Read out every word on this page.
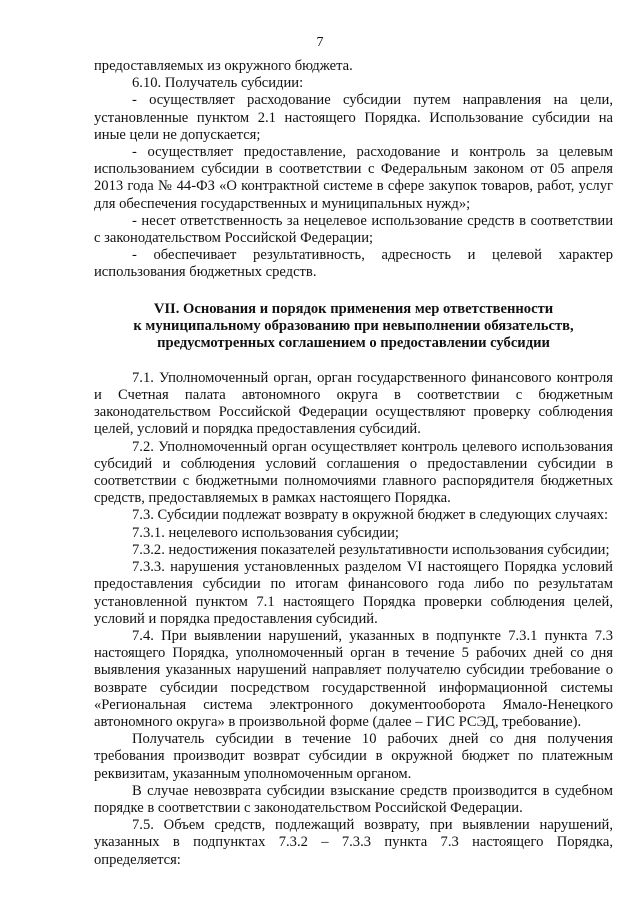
7

предоставляемых из окружного бюджета.

6.10. Получатель субсидии:

- осуществляет расходование субсидии путем направления на цели, установленные пунктом 2.1 настоящего Порядка. Использование субсидии на иные цели не допускается;

- осуществляет предоставление, расходование и контроль за целевым использованием субсидии в соответствии с Федеральным законом от 05 апреля 2013 года № 44-ФЗ «О контрактной системе в сфере закупок товаров, работ, услуг для обеспечения государственных и муниципальных нужд»;

- несет ответственность за нецелевое использование средств в соответствии с законодательством Российской Федерации;

- обеспечивает результативность, адресность и целевой характер использования бюджетных средств.

VII. Основания и порядок применения мер ответственности
к муниципальному образованию при невыполнении обязательств,
предусмотренных соглашением о предоставлении субсидии

7.1. Уполномоченный орган, орган государственного финансового контроля и Счетная палата автономного округа в соответствии с бюджетным законодательством Российской Федерации осуществляют проверку соблюдения целей, условий и порядка предоставления субсидий.

7.2. Уполномоченный орган осуществляет контроль целевого использования субсидий и соблюдения условий соглашения о предоставлении субсидии в соответствии с бюджетными полномочиями главного распорядителя бюджетных средств, предоставляемых в рамках настоящего Порядка.

7.3. Субсидии подлежат возврату в окружной бюджет в следующих случаях:

7.3.1. нецелевого использования субсидии;

7.3.2. недостижения показателей результативности использования субсидии;

7.3.3. нарушения установленных разделом VI настоящего Порядка условий предоставления субсидии по итогам финансового года либо по результатам установленной пунктом 7.1 настоящего Порядка проверки соблюдения целей, условий и порядка предоставления субсидий.

7.4. При выявлении нарушений, указанных в подпункте 7.3.1 пункта 7.3 настоящего Порядка, уполномоченный орган в течение 5 рабочих дней со дня выявления указанных нарушений направляет получателю субсидии требование о возврате субсидии посредством государственной информационной системы «Региональная система электронного документооборота Ямало-Ненецкого автономного округа» в произвольной форме (далее – ГИС РСЭД, требование).

Получатель субсидии в течение 10 рабочих дней со дня получения требования производит возврат субсидии в окружной бюджет по платежным реквизитам, указанным уполномоченным органом.

В случае невозврата субсидии взыскание средств производится в судебном порядке в соответствии с законодательством Российской Федерации.

7.5. Объем средств, подлежащий возврату, при выявлении нарушений, указанных в подпунктах 7.3.2 – 7.3.3 пункта 7.3 настоящего Порядка, определяется:
